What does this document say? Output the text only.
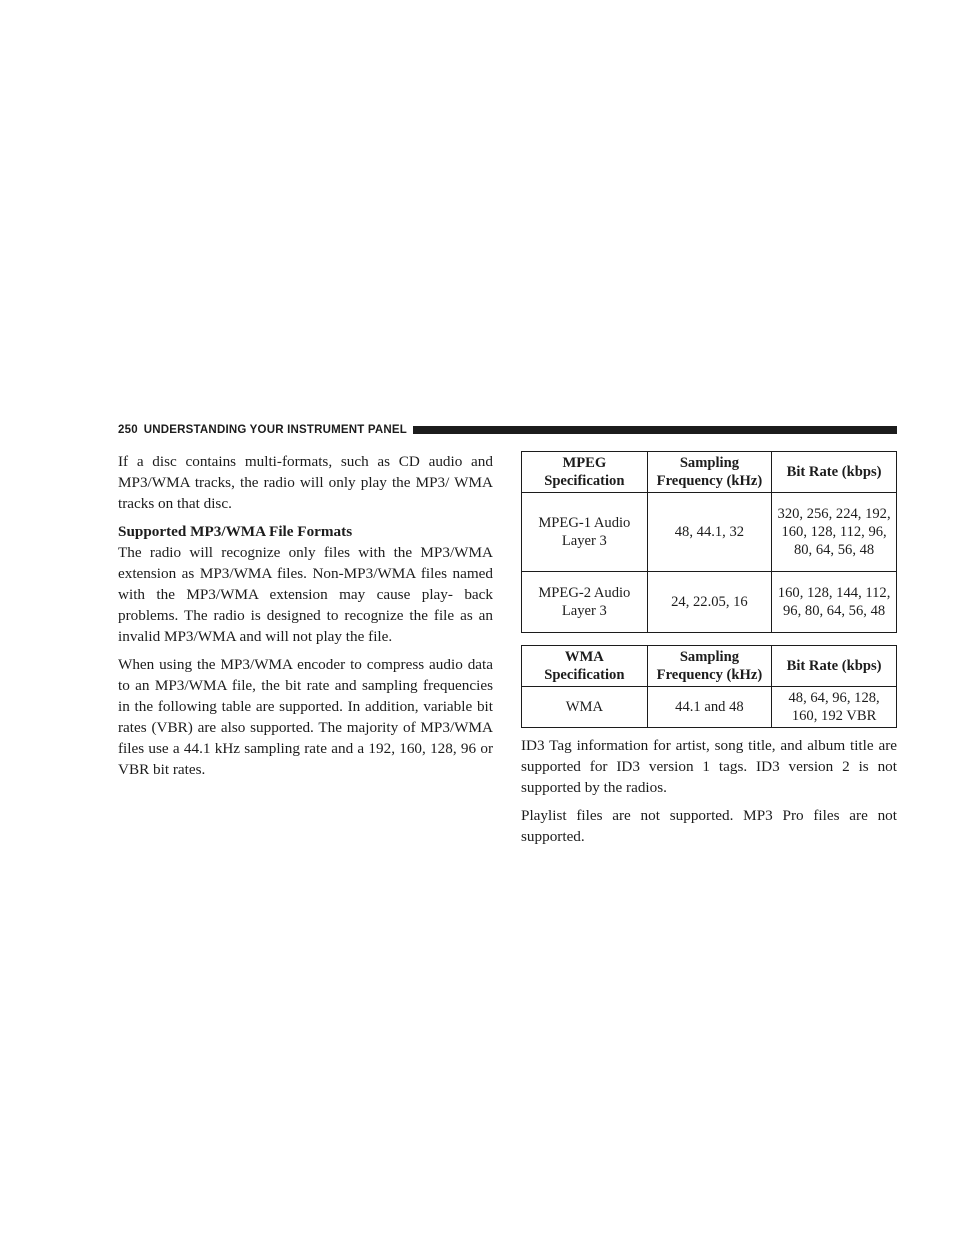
250 UNDERSTANDING YOUR INSTRUMENT PANEL

If a disc contains multi-formats, such as CD audio and MP3/WMA tracks, the radio will only play the MP3/ WMA tracks on that disc.

Supported MP3/WMA File Formats

The radio will recognize only files with the MP3/WMA extension as MP3/WMA files. Non-MP3/WMA files named with the MP3/WMA extension may cause play- back problems. The radio is designed to recognize the file as an invalid MP3/WMA and will not play the file.

When using the MP3/WMA encoder to compress audio data to an MP3/WMA file, the bit rate and sampling frequencies in the following table are supported. In addition, variable bit rates (VBR) are also supported. The majority of MP3/WMA files use a 44.1 kHz sampling rate and a 192, 160, 128, 96 or VBR bit rates.

MPEG Specification	Sampling Frequency (kHz)	Bit Rate (kbps)
MPEG-1 Audio Layer 3	48, 44.1, 32	320, 256, 224, 192, 160, 128, 112, 96, 80, 64, 56, 48
MPEG-2 Audio Layer 3	24, 22.05, 16	160, 128, 144, 112, 96, 80, 64, 56, 48
WMA Specification	Sampling Frequency (kHz)	Bit Rate (kbps)
WMA	44.1 and 48	48, 64, 96, 128, 160, 192 VBR

ID3 Tag information for artist, song title, and album title are supported for ID3 version 1 tags. ID3 version 2 is not supported by the radios.

Playlist files are not supported. MP3 Pro files are not supported.
